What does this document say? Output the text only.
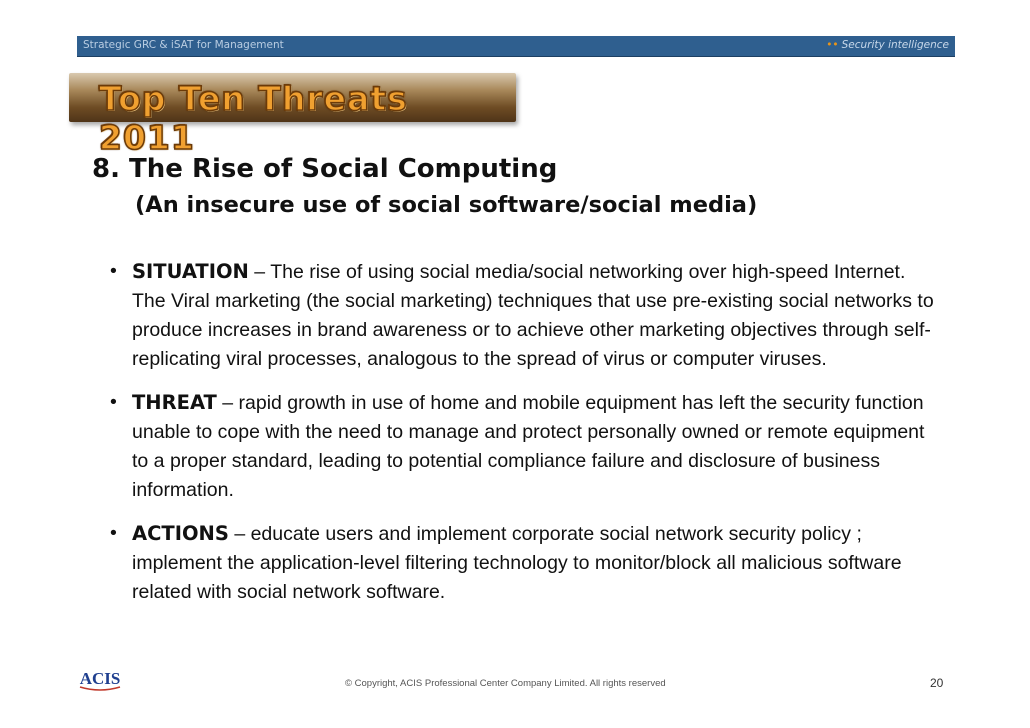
Strategic GRC & iSAT for Management	•• Security intelligence
Top Ten Threats 2011
8. The Rise of Social Computing
(An insecure use of social software/social media)
• SITUATION – The rise of using social media/social networking over high-speed Internet. The Viral marketing (the social marketing) techniques that use pre-existing social networks to produce increases in brand awareness or to achieve other marketing objectives through self-replicating viral processes, analogous to the spread of virus or computer viruses.
• THREAT – rapid growth in use of home and mobile equipment has left the security function unable to cope with the need to manage and protect personally owned or remote equipment to a proper standard, leading to potential compliance failure and disclosure of business information.
• ACTIONS – educate users and implement corporate social network security policy ; implement the application-level filtering technology to monitor/block all malicious software related with social network software.
ACIS	© Copyright, ACIS Professional Center Company Limited. All rights reserved	20
